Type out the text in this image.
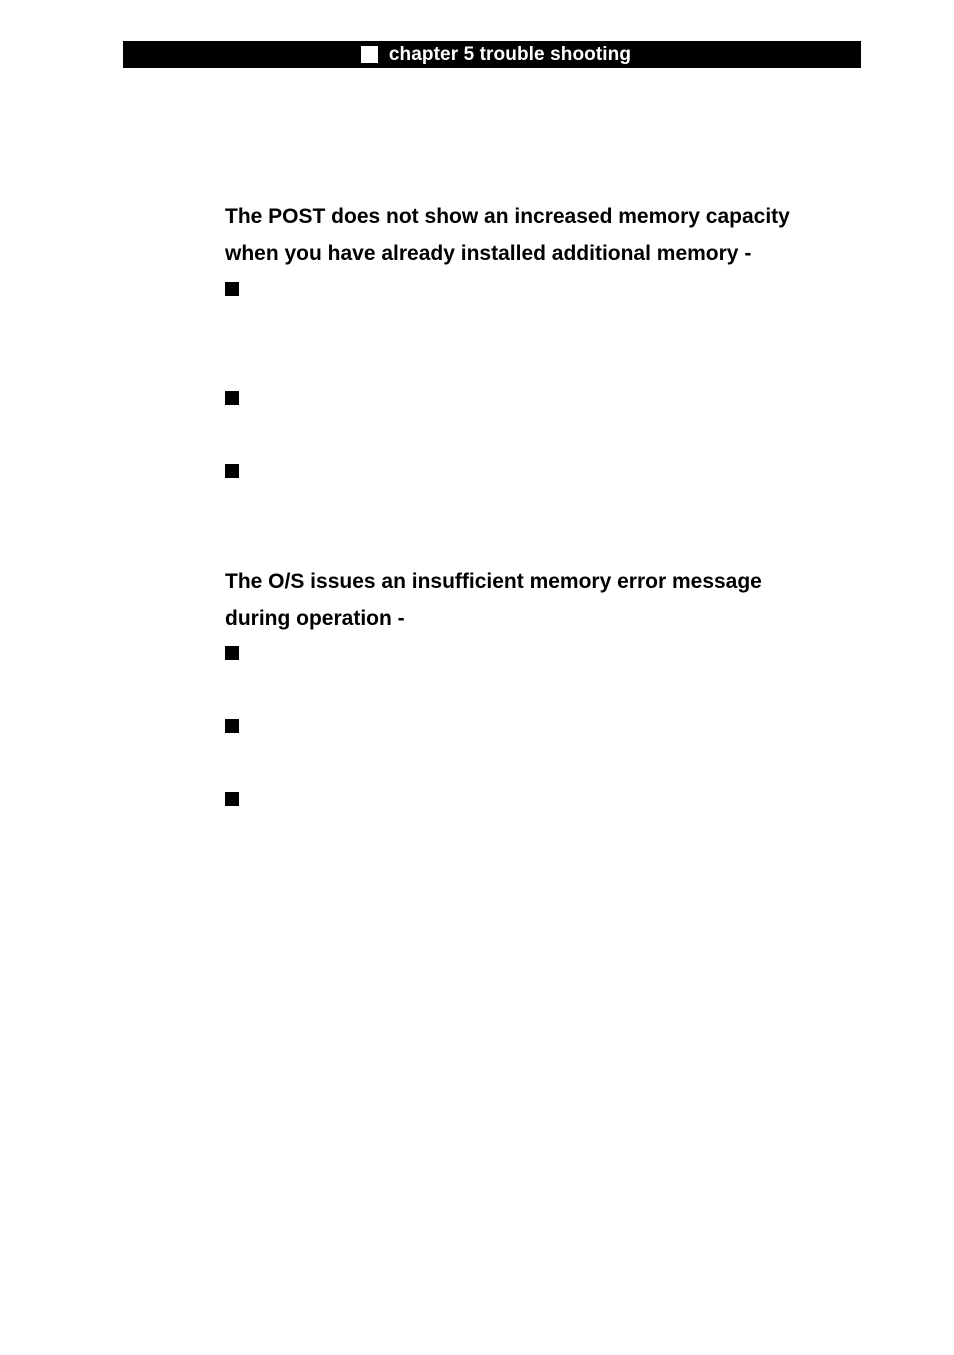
chapter 5 trouble shooting

The POST does not show an increased memory capacity

when you have already installed additional memory -

The O/S issues an insufficient memory error message

during operation -
